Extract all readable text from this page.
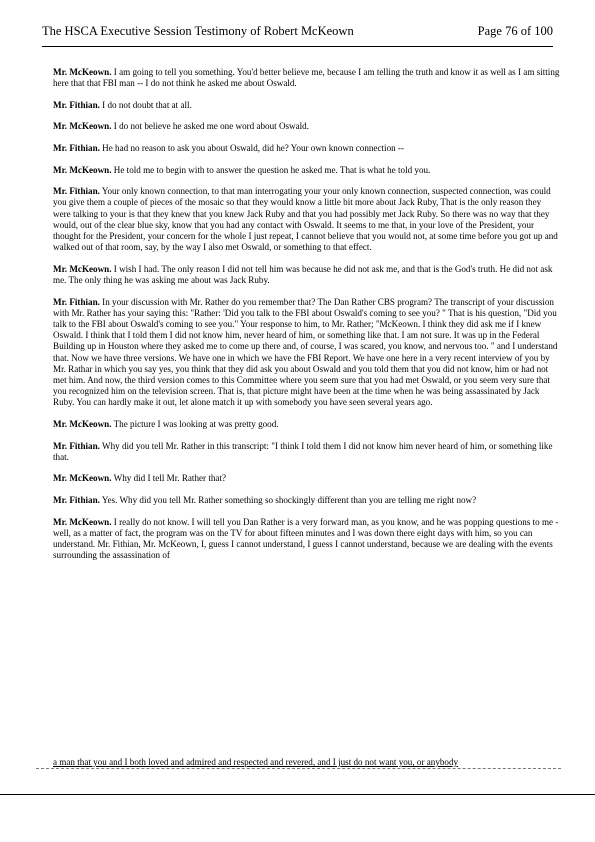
The HSCA Executive Session Testimony of Robert McKeown	Page 76 of 100

Mr. McKeown. I am going to tell you something. You'd better believe me, because I am telling the truth and know it as well as I am sitting here that that FBI man -- I do not think he asked me about Oswald.

Mr. Fithian. I do not doubt that at all.

Mr. McKeown. I do not believe he asked me one word about Oswald.

Mr. Fithian. He had no reason to ask you about Oswald, did he? Your own known connection --

Mr. McKeown. He told me to begin with to answer the question he asked me. That is what he told you.

Mr. Fithian. Your only known connection, to that man interrogating your your only known connection, suspected connection, was could you give them a couple of pieces of the mosaic so that they would know a little bit more about Jack Ruby, That is the only reason they were talking to your is that they knew that you knew Jack Ruby and that you had possibly met Jack Ruby. So there was no way that they would, out of the clear blue sky, know that you had any contact with Oswald. It seems to me that, in your love of the President, your thought for the President, your concern for the whole I just repeat, I cannot believe that you would not, at some time before you got up and walked out of that room, say, by the way I also met Oswald, or something to that effect.

Mr. McKeown. I wish I had. The only reason I did not tell him was because he did not ask me, and that is the God's truth. He did not ask me. The only thing he was asking me about was Jack Ruby.

Mr. Fithian. In your discussion with Mr. Rather do you remember that? The Dan Rather CBS program? The transcript of your discussion with Mr. Rather has your saying this: "Rather: 'Did you talk to the FBI about Oswald's coming to see you? " That is his question, "Did you talk to the FBI about Oswald's coming to see you." Your response to him, to Mr. Rather; "McKeown. I think they did ask me if I knew Oswald. I think that I told them I did not know him, never heard of him, or something like that. I am not sure. It was up in the Federal Building up in Houston where they asked me to come up there and, of course, I was scared, you know, and nervous too. " and I understand that. Now we have three versions. We have one in which we have the FBI Report. We have one here in a very recent interview of you by Mr. Rathar in which you say yes, you think that they did ask you about Oswald and you told them that you did not know, him or had not met him. And now, the third version comes to this Committee where you seem sure that you had met Oswald, or you seem very sure that you recognized him on the television screen. That is, that picture might have been at the time when he was being assassinated by Jack Ruby. You can hardly make it out, let alone match it up with somebody you have seen several years ago.

Mr. McKeown. The picture I was looking at was pretty good.

Mr. Fithian. Why did you tell Mr. Rather in this transcript: "I think I told them I did not know him never heard of him, or something like that.

Mr. McKeown. Why did I tell Mr. Rather that?

Mr. Fithian. Yes. Why did you tell Mr. Rather something so shockingly different than you are telling me right now?

Mr. McKeown. I really do not know. I will tell you Dan Rather is a very forward man, as you know, and he was popping questions to me -well, as a matter of fact, the program was on the TV for about fifteen minutes and I was down there eight days with him, so you can understand. Mr. Fithian, Mr. McKeown, I, guess I cannot understand, I guess I cannot understand, because we are dealing with the events surrounding the assassination of

a man that you and I both loved and admired and respected and revered, and I just do not want you, or anybody
